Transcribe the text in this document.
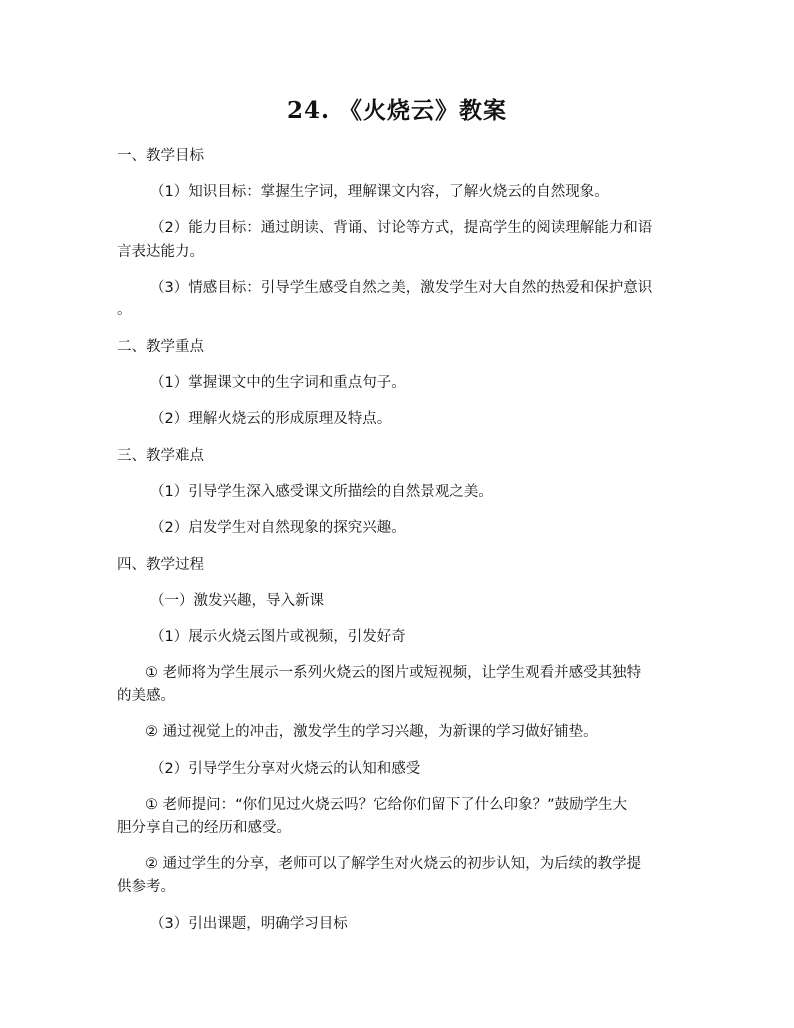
24. 《火烧云》教案
一、教学目标
（1）知识目标：掌握生字词，理解课文内容，了解火烧云的自然现象。
（2）能力目标：通过朗读、背诵、讨论等方式，提高学生的阅读理解能力和语
言表达能力。
（3）情感目标：引导学生感受自然之美，激发学生对大自然的热爱和保护意识
。
二、教学重点
（1）掌握课文中的生字词和重点句子。
（2）理解火烧云的形成原理及特点。
三、教学难点
（1）引导学生深入感受课文所描绘的自然景观之美。
（2）启发学生对自然现象的探究兴趣。
四、教学过程
（一）激发兴趣，导入新课
（1）展示火烧云图片或视频，引发好奇
① 老师将为学生展示一系列火烧云的图片或短视频，让学生观看并感受其独特
的美感。
② 通过视觉上的冲击，激发学生的学习兴趣，为新课的学习做好铺垫。
（2）引导学生分享对火烧云的认知和感受
① 老师提问：“你们见过火烧云吗？它给你们留下了什么印象？”鼓励学生大
胆分享自己的经历和感受。
② 通过学生的分享，老师可以了解学生对火烧云的初步认知，为后续的教学提
供参考。
（3）引出课题，明确学习目标
